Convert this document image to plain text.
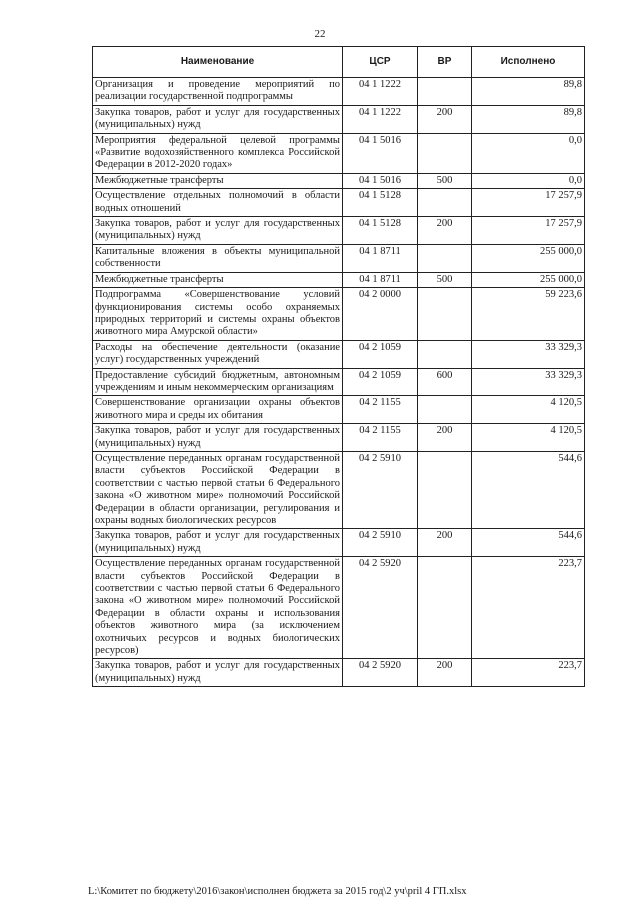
22
Наименование	ЦСР	ВР	Исполнено
Организация и проведение мероприятий по реализации государственной подпрограммы	04 1 1222		89,8
Закупка товаров, работ и услуг для государственных (муниципальных) нужд	04 1 1222	200	89,8
Мероприятия федеральной целевой программы «Развитие водохозяйственного комплекса Российской Федерации в 2012-2020 годах»	04 1 5016		0,0
Межбюджетные трансферты	04 1 5016	500	0,0
Осуществление отдельных полномочий в области водных отношений	04 1 5128		17 257,9
Закупка товаров, работ и услуг для государственных (муниципальных) нужд	04 1 5128	200	17 257,9
Капитальные вложения в объекты муниципальной собственности	04 1 8711		255 000,0
Межбюджетные трансферты	04 1 8711	500	255 000,0
Подпрограмма «Совершенствование условий функционирования системы особо охраняемых природных территорий и системы охраны объектов животного мира Амурской области»	04 2 0000		59 223,6
Расходы на обеспечение деятельности (оказание услуг) государственных учреждений	04 2 1059		33 329,3
Предоставление субсидий бюджетным, автономным учреждениям и иным некоммерческим организациям	04 2 1059	600	33 329,3
Совершенствование организации охраны объектов животного мира и среды их обитания	04 2 1155		4 120,5
Закупка товаров, работ и услуг для государственных (муниципальных) нужд	04 2 1155	200	4 120,5
Осуществление переданных органам государственной власти субъектов Российской Федерации в соответствии с частью первой статьи 6 Федерального закона «О животном мире» полномочий Российской Федерации в области организации, регулирования и охраны водных биологических ресурсов	04 2 5910		544,6
Закупка товаров, работ и услуг для государственных (муниципальных) нужд	04 2 5910	200	544,6
Осуществление переданных органам государственной власти субъектов Российской Федерации в соответствии с частью первой статьи 6 Федерального закона «О животном мире» полномочий Российской Федерации в области охраны и использования объектов животного мира (за исключением охотничьих ресурсов и водных биологических ресурсов)	04 2 5920		223,7
Закупка товаров, работ и услуг для государственных (муниципальных) нужд	04 2 5920	200	223,7
L:\Комитет по бюджету\2016\закон\исполнен бюджета за 2015 год\2 уч\pril 4 ГП.xlsx
